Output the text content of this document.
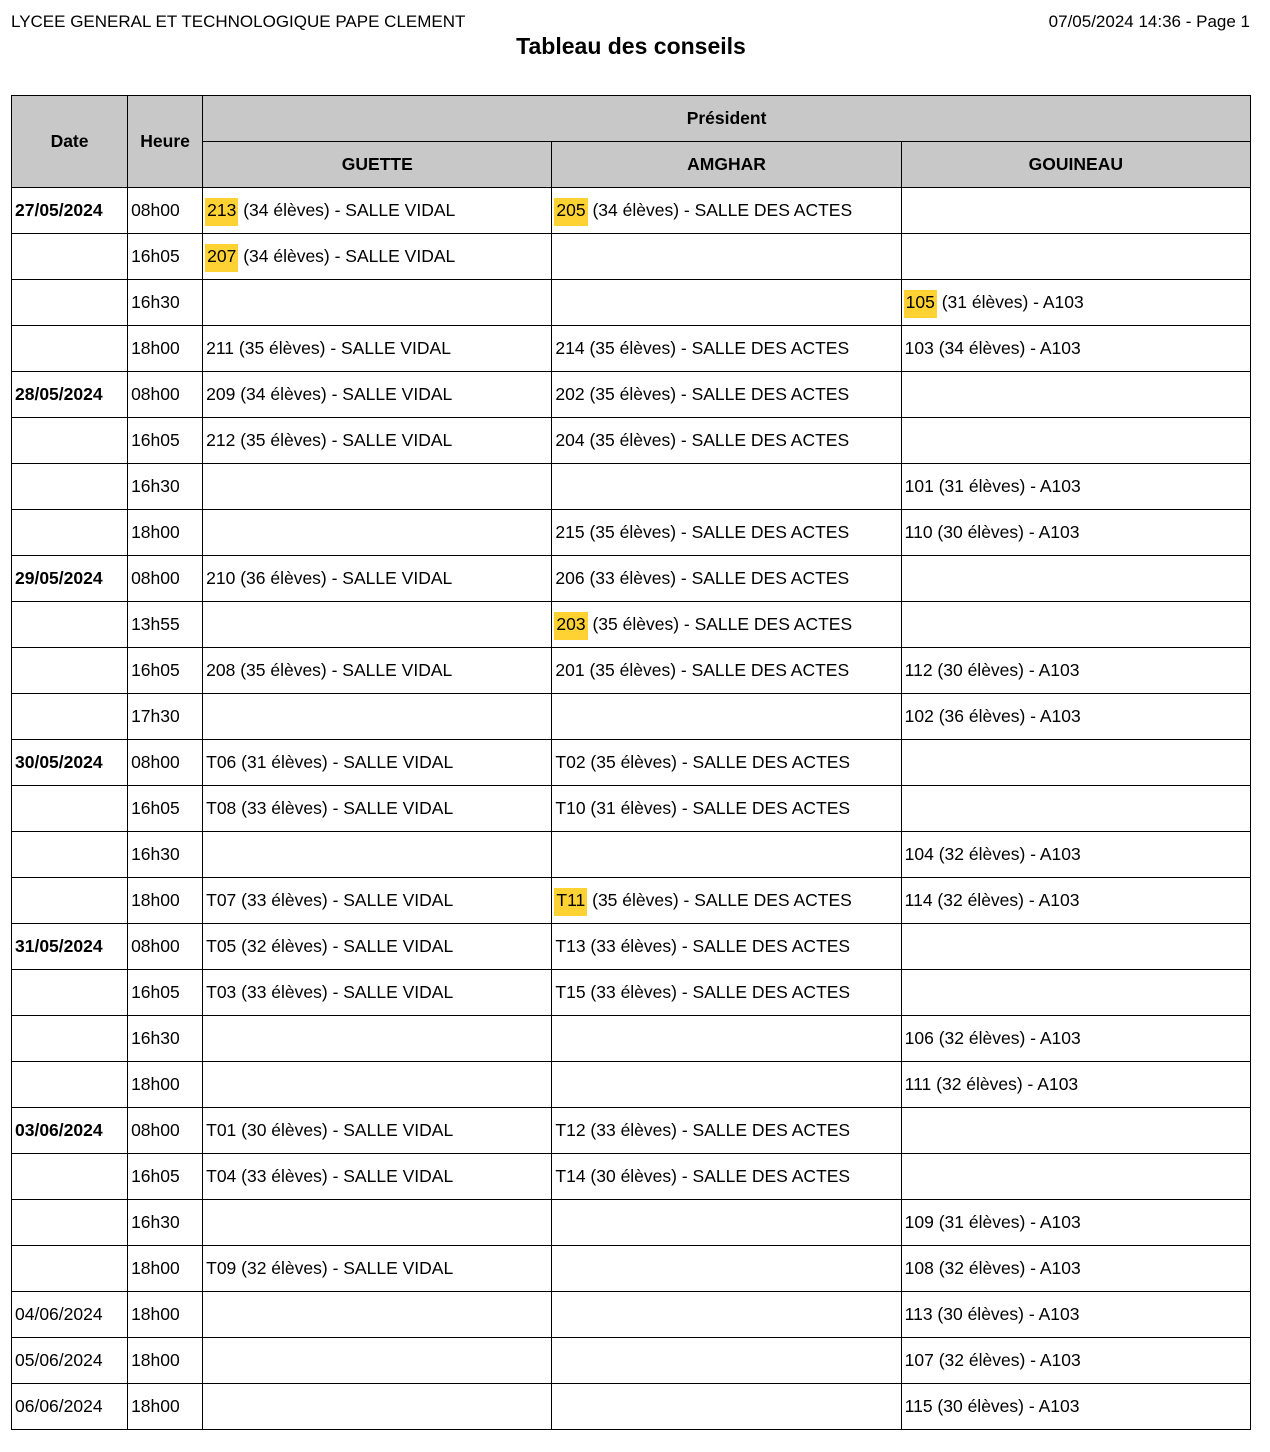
LYCEE GENERAL ET TECHNOLOGIQUE PAPE CLEMENT	07/05/2024 14:36 - Page 1
Tableau des conseils
Date	Heure	Président		
		GUETTE	AMGHAR	GOUINEAU
27/05/2024	08h00	213 (34 élèves) - SALLE VIDAL	205 (34 élèves) - SALLE DES ACTES	
	16h05	207 (34 élèves) - SALLE VIDAL		
	16h30			105 (31 élèves) - A103
	18h00	211 (35 élèves) - SALLE VIDAL	214 (35 élèves) - SALLE DES ACTES	103 (34 élèves) - A103
28/05/2024	08h00	209 (34 élèves) - SALLE VIDAL	202 (35 élèves) - SALLE DES ACTES	
	16h05	212 (35 élèves) - SALLE VIDAL	204 (35 élèves) - SALLE DES ACTES	
	16h30			101 (31 élèves) - A103
	18h00		215 (35 élèves) - SALLE DES ACTES	110 (30 élèves) - A103
29/05/2024	08h00	210 (36 élèves) - SALLE VIDAL	206 (33 élèves) - SALLE DES ACTES	
	13h55		203 (35 élèves) - SALLE DES ACTES	
	16h05	208 (35 élèves) - SALLE VIDAL	201 (35 élèves) - SALLE DES ACTES	112 (30 élèves) - A103
	17h30			102 (36 élèves) - A103
30/05/2024	08h00	T06 (31 élèves) - SALLE VIDAL	T02 (35 élèves) - SALLE DES ACTES	
	16h05	T08 (33 élèves) - SALLE VIDAL	T10 (31 élèves) - SALLE DES ACTES	
	16h30			104 (32 élèves) - A103
	18h00	T07 (33 élèves) - SALLE VIDAL	T11 (35 élèves) - SALLE DES ACTES	114 (32 élèves) - A103
31/05/2024	08h00	T05 (32 élèves) - SALLE VIDAL	T13 (33 élèves) - SALLE DES ACTES	
	16h05	T03 (33 élèves) - SALLE VIDAL	T15 (33 élèves) - SALLE DES ACTES	
	16h30			106 (32 élèves) - A103
	18h00			111 (32 élèves) - A103
03/06/2024	08h00	T01 (30 élèves) - SALLE VIDAL	T12 (33 élèves) - SALLE DES ACTES	
	16h05	T04 (33 élèves) - SALLE VIDAL	T14 (30 élèves) - SALLE DES ACTES	
	16h30			109 (31 élèves) - A103
	18h00	T09 (32 élèves) - SALLE VIDAL		108 (32 élèves) - A103
04/06/2024	18h00			113 (30 élèves) - A103
05/06/2024	18h00			107 (32 élèves) - A103
06/06/2024	18h00			115 (30 élèves) - A103
